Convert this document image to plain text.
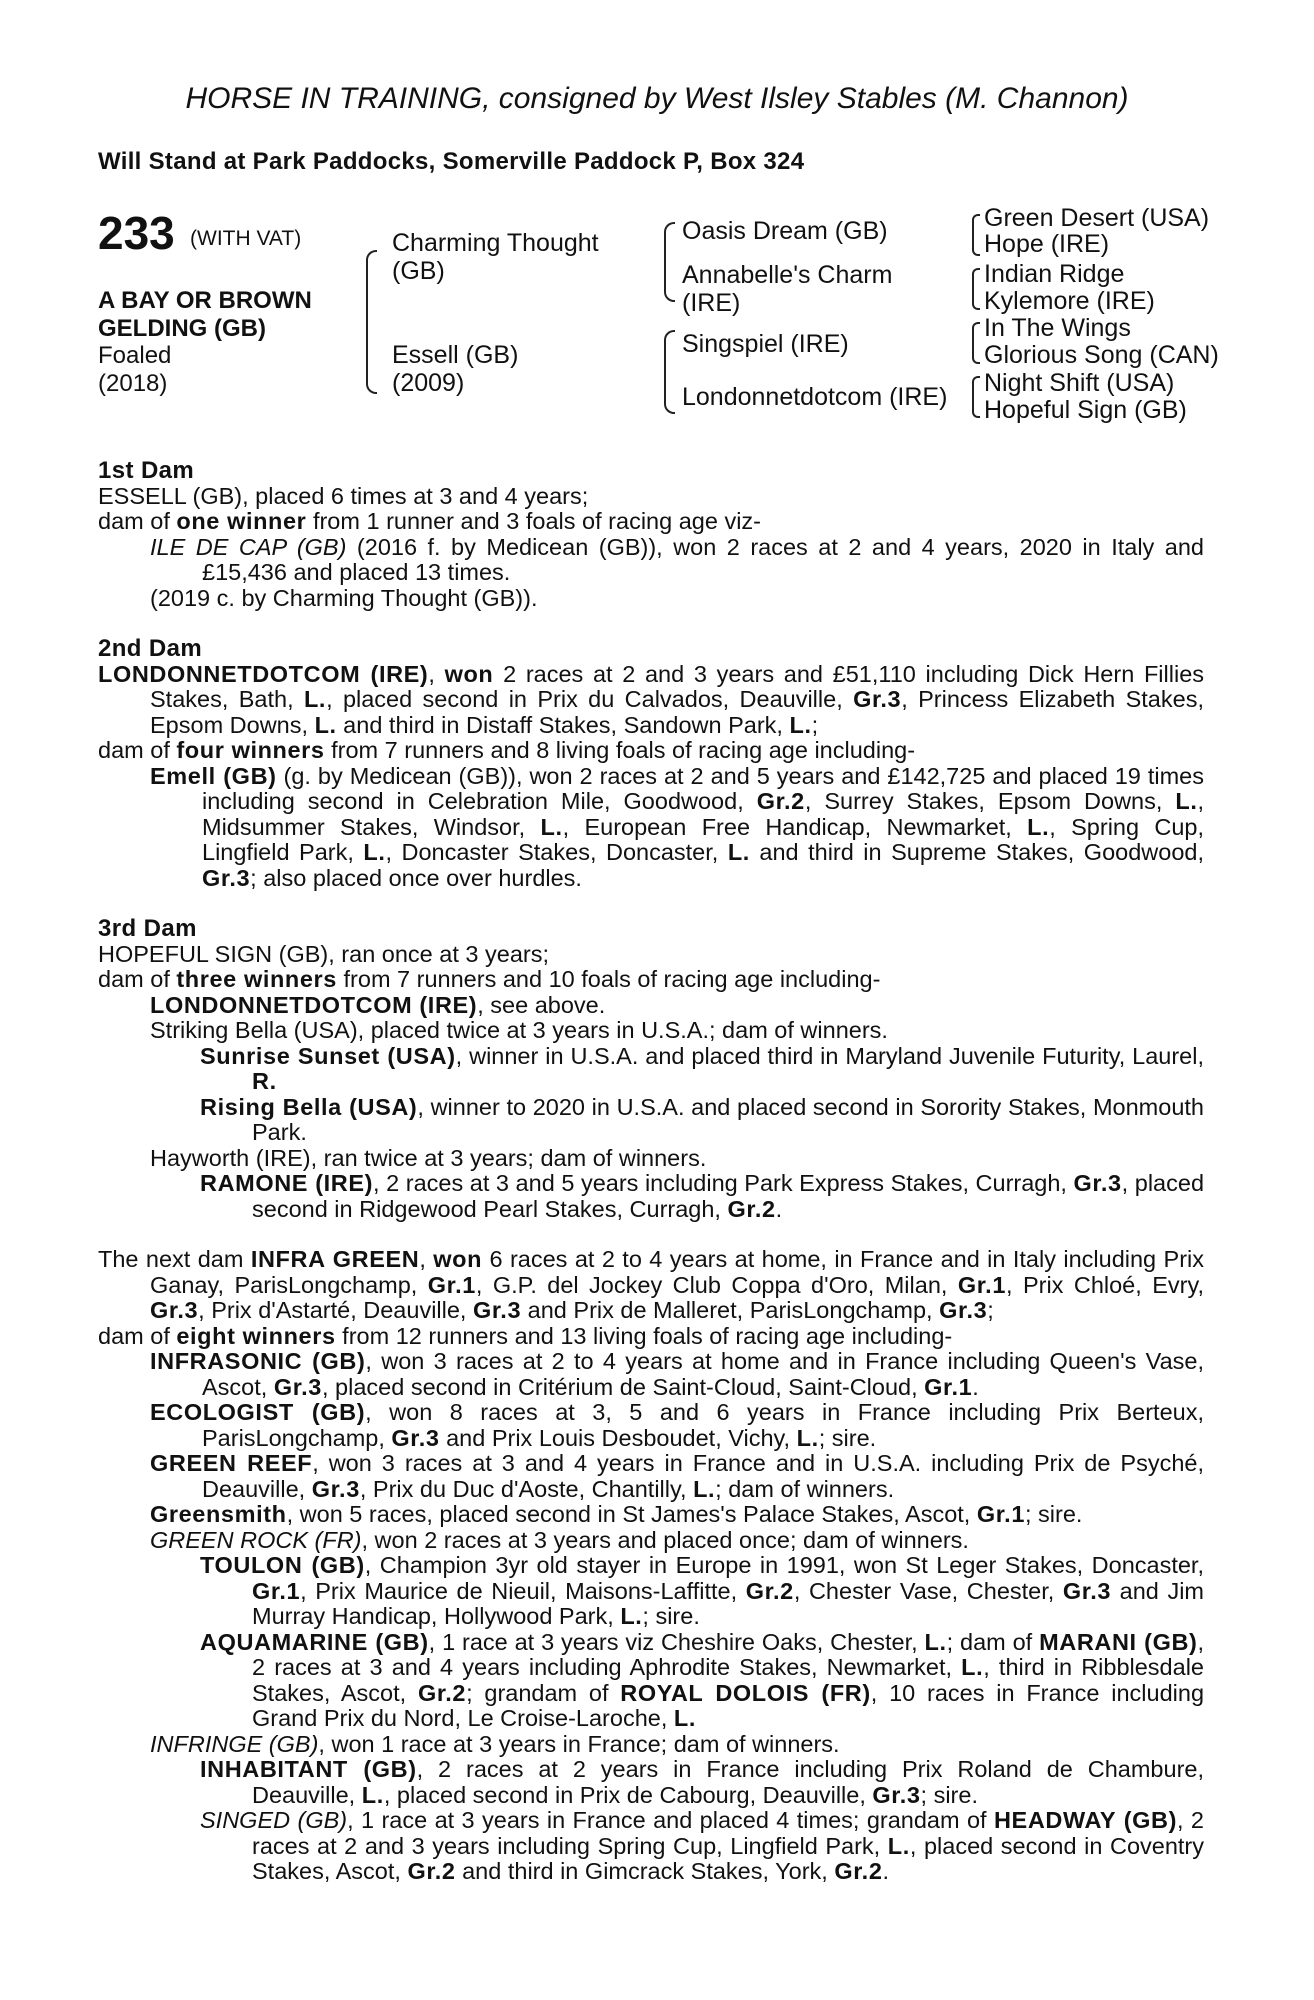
HORSE IN TRAINING, consigned by West Ilsley Stables (M. Channon)
Will Stand at Park Paddocks, Somerville Paddock P, Box 324
233 (WITH VAT)
A BAY OR BROWN
GELDING (GB)
Foaled
(2018)
Charming Thought
(GB)
Essell (GB)
(2009)
Oasis Dream (GB)
Annabelle's Charm
(IRE)
Singspiel (IRE)
Londonnetdotcom (IRE)
Green Desert (USA)
Hope (IRE)
Indian Ridge
Kylemore (IRE)
In The Wings
Glorious Song (CAN)
Night Shift (USA)
Hopeful Sign (GB)
1st Dam

ESSELL (GB), placed 6 times at 3 and 4 years;

dam of one winner from 1 runner and 3 foals of racing age viz-

ILE DE CAP (GB) (2016 f. by Medicean (GB)), won 2 races at 2 and 4 years, 2020 in Italy and £15,436 and placed 13 times.

(2019 c. by Charming Thought (GB)).

2nd Dam

LONDONNETDOTCOM (IRE), won 2 races at 2 and 3 years and £51,110 including Dick Hern Fillies Stakes, Bath, L., placed second in Prix du Calvados, Deauville, Gr.3, Princess Elizabeth Stakes, Epsom Downs, L. and third in Distaff Stakes, Sandown Park, L.;

dam of four winners from 7 runners and 8 living foals of racing age including-

Emell (GB) (g. by Medicean (GB)), won 2 races at 2 and 5 years and £142,725 and placed 19 times including second in Celebration Mile, Goodwood, Gr.2, Surrey Stakes, Epsom Downs, L., Midsummer Stakes, Windsor, L., European Free Handicap, Newmarket, L., Spring Cup, Lingfield Park, L., Doncaster Stakes, Doncaster, L. and third in Supreme Stakes, Goodwood, Gr.3; also placed once over hurdles.

3rd Dam

HOPEFUL SIGN (GB), ran once at 3 years;

dam of three winners from 7 runners and 10 foals of racing age including-

LONDONNETDOTCOM (IRE), see above.

Striking Bella (USA), placed twice at 3 years in U.S.A.; dam of winners.

Sunrise Sunset (USA), winner in U.S.A. and placed third in Maryland Juvenile Futurity, Laurel, R.

Rising Bella (USA), winner to 2020 in U.S.A. and placed second in Sorority Stakes, Monmouth Park.

Hayworth (IRE), ran twice at 3 years; dam of winners.

RAMONE (IRE), 2 races at 3 and 5 years including Park Express Stakes, Curragh, Gr.3, placed second in Ridgewood Pearl Stakes, Curragh, Gr.2.

The next dam INFRA GREEN, won 6 races at 2 to 4 years at home, in France and in Italy including Prix Ganay, ParisLongchamp, Gr.1, G.P. del Jockey Club Coppa d'Oro, Milan, Gr.1, Prix Chloé, Evry, Gr.3, Prix d'Astarté, Deauville, Gr.3 and Prix de Malleret, ParisLongchamp, Gr.3;

dam of eight winners from 12 runners and 13 living foals of racing age including-

INFRASONIC (GB), won 3 races at 2 to 4 years at home and in France including Queen's Vase, Ascot, Gr.3, placed second in Critérium de Saint-Cloud, Saint-Cloud, Gr.1.

ECOLOGIST (GB), won 8 races at 3, 5 and 6 years in France including Prix Berteux, ParisLongchamp, Gr.3 and Prix Louis Desboudet, Vichy, L.; sire.

GREEN REEF, won 3 races at 3 and 4 years in France and in U.S.A. including Prix de Psyché, Deauville, Gr.3, Prix du Duc d'Aoste, Chantilly, L.; dam of winners.

Greensmith, won 5 races, placed second in St James's Palace Stakes, Ascot, Gr.1; sire.

GREEN ROCK (FR), won 2 races at 3 years and placed once; dam of winners.

TOULON (GB), Champion 3yr old stayer in Europe in 1991, won St Leger Stakes, Doncaster, Gr.1, Prix Maurice de Nieuil, Maisons-Laffitte, Gr.2, Chester Vase, Chester, Gr.3 and Jim Murray Handicap, Hollywood Park, L.; sire.

AQUAMARINE (GB), 1 race at 3 years viz Cheshire Oaks, Chester, L.; dam of MARANI (GB), 2 races at 3 and 4 years including Aphrodite Stakes, Newmarket, L., third in Ribblesdale Stakes, Ascot, Gr.2; grandam of ROYAL DOLOIS (FR), 10 races in France including Grand Prix du Nord, Le Croise-Laroche, L.

INFRINGE (GB), won 1 race at 3 years in France; dam of winners.

INHABITANT (GB), 2 races at 2 years in France including Prix Roland de Chambure, Deauville, L., placed second in Prix de Cabourg, Deauville, Gr.3; sire.

SINGED (GB), 1 race at 3 years in France and placed 4 times; grandam of HEADWAY (GB), 2 races at 2 and 3 years including Spring Cup, Lingfield Park, L., placed second in Coventry Stakes, Ascot, Gr.2 and third in Gimcrack Stakes, York, Gr.2.
